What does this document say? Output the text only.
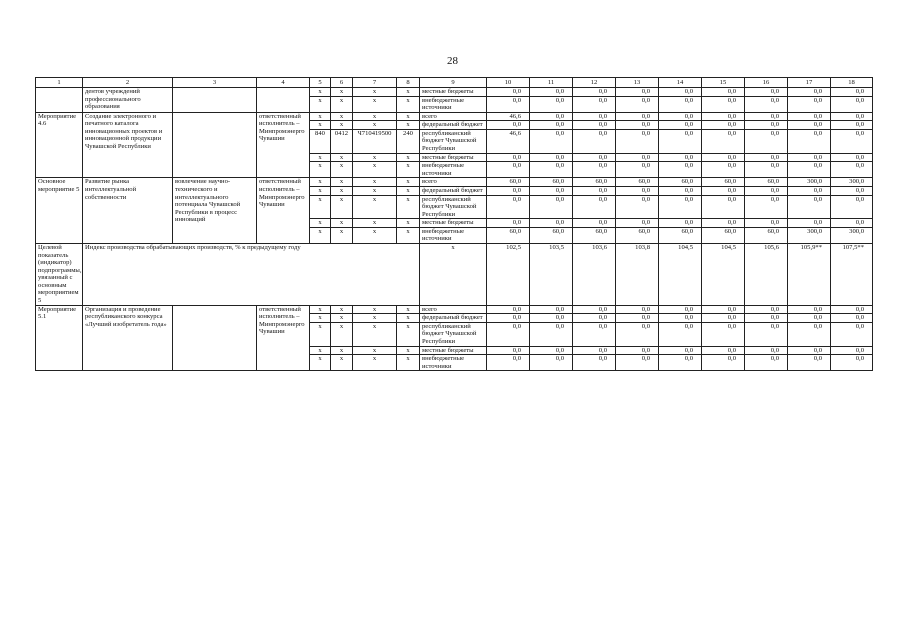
28
1	2	3	4	5	6	7	8	9	10	11	12	13	14	15	16	17	18
	дентов учреждений профессионального образования			x	x	x	x	местные бюджеты	0,0	0,0	0,0	0,0	0,0	0,0	0,0	0,0	0,0
				x	x	x	x	внебюджетные источники	0,0	0,0	0,0	0,0	0,0	0,0	0,0	0,0	0,0
Мероприятие 4.6	Создание электронного и печатного каталога инновационных проектов и инновационной продукции Чувашской Республики		ответственный исполнитель – Минпромэнерго Чувашии	x	x	x	x	всего	46,6	0,0	0,0	0,0	0,0	0,0	0,0	0,0	0,0
				x	x	x	x	федеральный бюджет	0,0	0,0	0,0	0,0	0,0	0,0	0,0	0,0	0,0
				840	0412	Ч710419500	240	республиканский бюджет Чувашской Республики	46,6	0,0	0,0	0,0	0,0	0,0	0,0	0,0	0,0
				x	x	x	x	местные бюджеты	0,0	0,0	0,0	0,0	0,0	0,0	0,0	0,0	0,0
				x	x	x	x	внебюджетные источники	0,0	0,0	0,0	0,0	0,0	0,0	0,0	0,0	0,0
Основное мероприятие 5	Развитие рынка интеллектуальной собственности	вовлечение научно-технического и интеллектуального потенциала Чувашской Республики в процесс инноваций	ответственный исполнитель – Минпромэнерго Чувашии	x	x	x	x	всего	60,0	60,0	60,0	60,0	60,0	60,0	60,0	300,0	300,0
				x	x	x	x	федеральный бюджет	0,0	0,0	0,0	0,0	0,0	0,0	0,0	0,0	0,0
				x	x	x	x	республиканский бюджет Чувашской Республики	0,0	0,0	0,0	0,0	0,0	0,0	0,0	0,0	0,0
				x	x	x	x	местные бюджеты	0,0	0,0	0,0	0,0	0,0	0,0	0,0	0,0	0,0
				x	x	x	x	внебюджетные источники	60,0	60,0	60,0	60,0	60,0	60,0	60,0	300,0	300,0
Целевой показатель (индикатор) подпрограммы, увязанный с основным мероприятием 5	Индекс производства обрабатывающих производств, % к предыдущему году							x	102,5	103,5	103,6	103,8	104,5	104,5	105,6	105,9**	107,5**
Мероприятие 5.1	Организация и проведение республиканского конкурса «Лучший изобретатель года»		ответственный исполнитель – Минпромэнерго Чувашии	x	x	x	x	всего	0,0	0,0	0,0	0,0	0,0	0,0	0,0	0,0	0,0
				x	x	x	x	федеральный бюджет	0,0	0,0	0,0	0,0	0,0	0,0	0,0	0,0	0,0
				x	x	x	x	республиканский бюджет Чувашской Республики	0,0	0,0	0,0	0,0	0,0	0,0	0,0	0,0	0,0
				x	x	x	x	местные бюджеты	0,0	0,0	0,0	0,0	0,0	0,0	0,0	0,0	0,0
				x	x	x	x	внебюджетные источники	0,0	0,0	0,0	0,0	0,0	0,0	0,0	0,0	0,0
